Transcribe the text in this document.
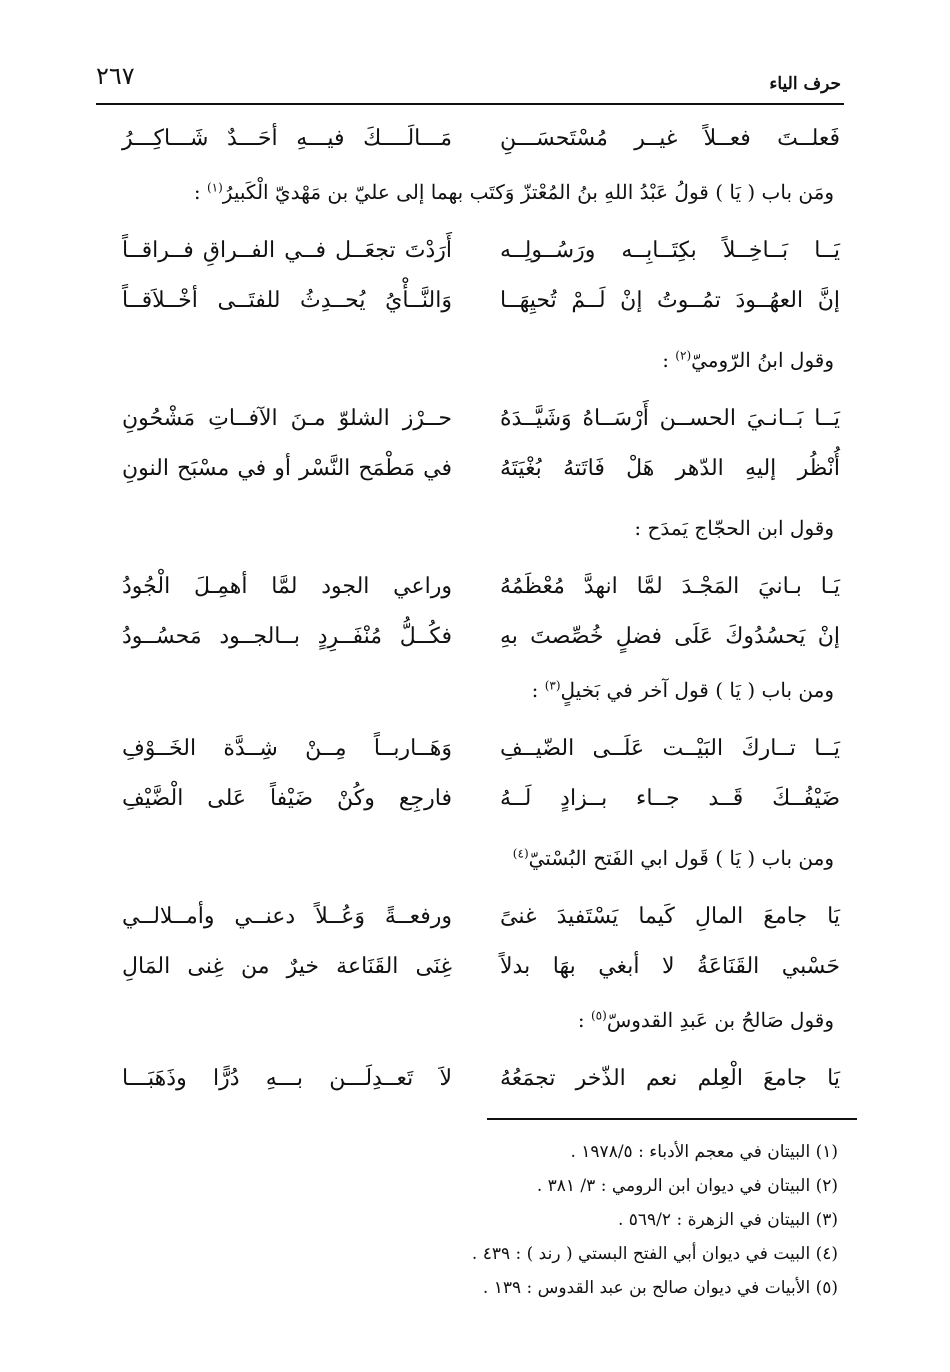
٢٦٧	حرف الياء
فَعلــتَ فعــلاً غيــر مُسْتَحسَـــنِ
مَـــالَــــكَ فيـــهِ أحَـــدٌ شَـــاكِـــرُ
ومَن باب ( يَا ) قولُ عَبْدُ اللهِ بنُ المُعْتزّ وَكتَب بهما إلى عليّ بن مَهْديّ الْكَبيرُ$^{(١)}$ :
يَــا بَــاخِــلاً بكِتَــابِــه ورَسُــولِــه
أَرَدْتَ تجعَــل فــي الفــراقِ فــراقــاً
إنَّ العهُــودَ تمُــوتُ إنْ لَــمْ تُحيِهَــا
وَالنَّــأْيُ يُحــدِثُ للفتَــى أخْــلاَقــاً
وقول ابنُ الرّوميّ$^{(٢)}$ :
يَــا بَــانـيَ الحســن أَرْسَــاهُ وَشَيَّــدَهُ
حــرْز الشلوّ مـنَ الآفــاتِ مَشْحُونِ
أُنْظُر إليهِ الدّهر هَلْ فَاتَتهُ بُغْيَتَهُ
في مَطْمَح النَّسْر أو في مسْبَح النونِ
وقول ابن الحجّاج يَمدَح :
يَـا بـانيَ المَجْـدَ لمَّا انهدَّ مُعْظَمُهُ
وراعي الجود لمَّا أهمِـلَ الْجُودُ
إنْ يَحسُدُوكَ عَلَى فضلٍ خُصِّصتَ بهِ
فكُــلُّ مُنْفَــرِدٍ بــالجــود مَحسُــودُ
ومن باب ( يَا ) قول آخر في بَخيلٍ$^{(٣)}$ :
يَــا تــاركَ البَيْــت عَلَــى الضّيــفِ
وَهَــاربــاً مِــنْ شِــدَّة الخَــوْفِ
ضَيْفُــكَ قَــد جــاء بــزادٍ لَــهُ
فارجِع وكُنْ ضَيْفاً عَلى الْضَّيْفِ
ومن باب ( يَا ) قَول ابي الفَتح البُسْتيّ$^{(٤)}$
يَا جامعَ المالِ كَيما يَسْتَفيدَ غنىً
ورفعــةً وَعُــلاً دعنــي وأمــلالــي
حَسْبي القَنَاعَةُ لا أبغي بهَا بدلاً
غِنَى القَنَاعة خيرٌ من غِنى المَالِ
وقول صَالحُ بن عَبدِ القدوسّ$^{(٥)}$ :
يَا جامعَ الْعِلم نعم الذّخر تجمَعُهُ
لاَ تَعــدِلَـــن بـــهِ دُرًّا وذَهَبَـــا
(١) البيتان في معجم الأدباء : ١٩٧٨/٥ .
(٢) البيتان في ديوان ابن الرومي : ٣/ ٣٨١ .
(٣) البيتان في الزهرة : ٥٦٩/٢ .
(٤) البيت في ديوان أبي الفتح البستي ( رند ) : ٤٣٩ .
(٥) الأبيات في ديوان صالح بن عبد القدوس : ١٣٩ .
